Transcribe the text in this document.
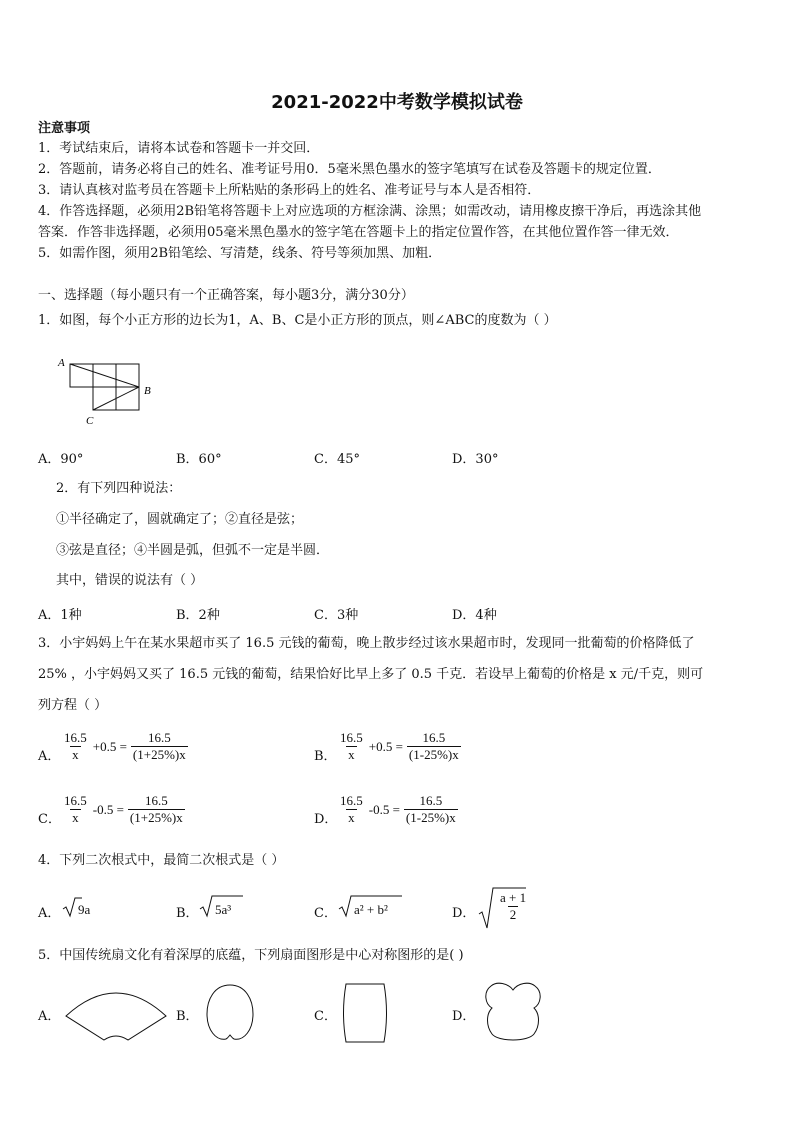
2021-2022中考数学模拟试卷
注意事项
1．考试结束后，请将本试卷和答题卡一并交回．
2．答题前，请务必将自己的姓名、准考证号用0．5毫米黑色墨水的签字笔填写在试卷及答题卡的规定位置．
3．请认真核对监考员在答题卡上所粘贴的条形码上的姓名、准考证号与本人是否相符．
4．作答选择题，必须用2B铅笔将答题卡上对应选项的方框涂满、涂黑；如需改动，请用橡皮擦干净后，再选涂其他
答案．作答非选择题，必须用05毫米黑色墨水的签字笔在答题卡上的指定位置作答，在其他位置作答一律无效．
5．如需作图，须用2B铅笔绘、写清楚，线条、符号等须加黑、加粗．
一、选择题（每小题只有一个正确答案，每小题3分，满分30分）
1．如图，每个小正方形的边长为1，A、B、C是小正方形的顶点，则∠ABC的度数为（ ）
A
B
C
A．90°	B．60°	C．45°	D．30°
2．有下列四种说法：
①半径确定了，圆就确定了；②直径是弦；
③弦是直径；④半圆是弧，但弧不一定是半圆．
其中，错误的说法有（ ）
A．1种	B．2种	C．3种	D．4种
3．小宇妈妈上午在某水果超市买了 16.5 元钱的葡萄，晚上散步经过该水果超市时，发现同一批葡萄的价格降低了
25% ，小宇妈妈又买了 16.5 元钱的葡萄，结果恰好比早上多了 0.5 千克．若设早上葡萄的价格是 x 元/千克，则可
列方程（ ）
A． $\frac{16.5}{x} +0.5 = \frac{16.5}{(1+25\%)x}$	B． $\frac{16.5}{x} +0.5 = \frac{16.5}{(1-25\%)x}$
C． $\frac{16.5}{x} -0.5 = \frac{16.5}{(1+25\%)x}$	D． $\frac{16.5}{x} -0.5 = \frac{16.5}{(1-25\%)x}$
4．下列二次根式中，最简二次根式是（ ）
A． 9a	B． 5a³	C． a² + b²	D． $\frac{a + 1}{2}$
5．中国传统扇文化有着深厚的底蕴，下列扇面图形是中心对称图形的是( )
A．	B．	C．	D．
